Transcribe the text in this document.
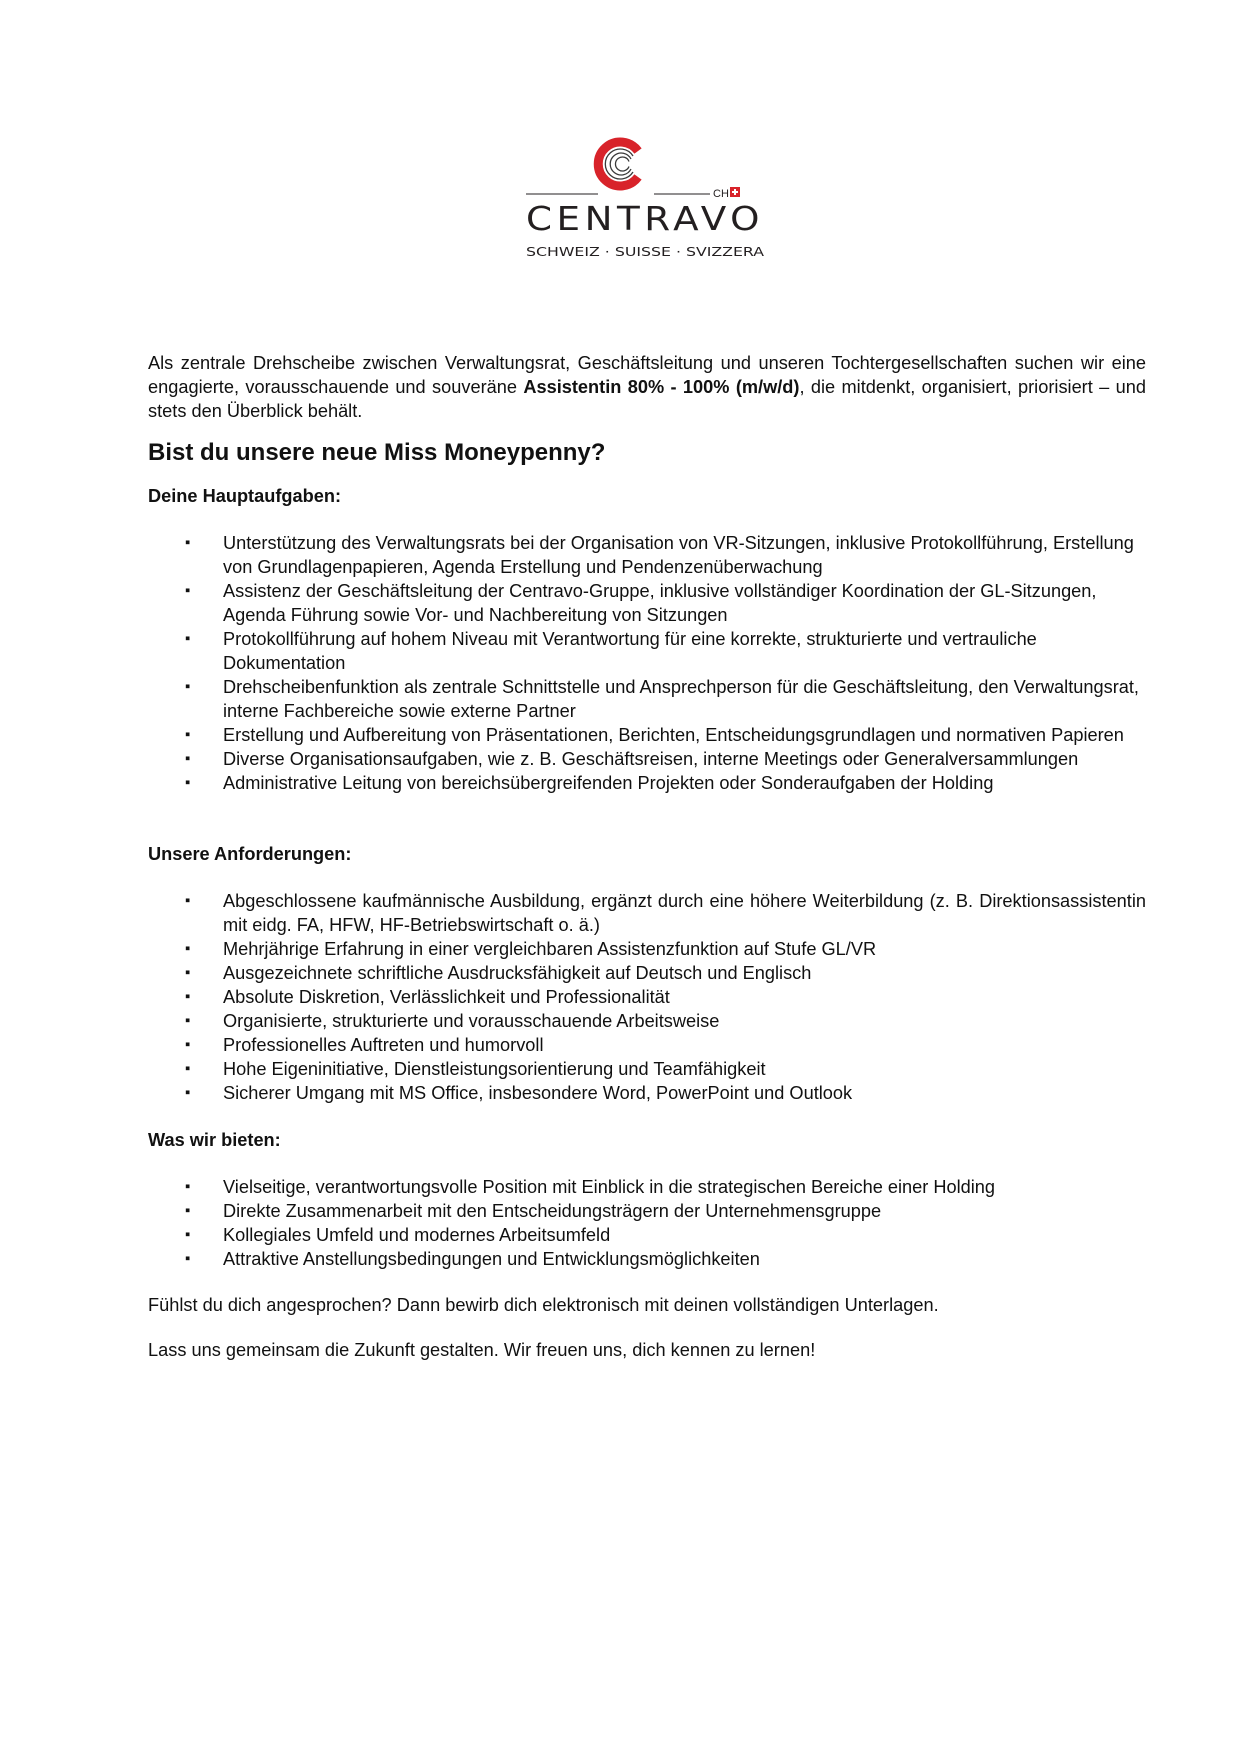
CH
CENTRAVO
SCHWEIZ · SUISSE · SVIZZERA

Als zentrale Drehscheibe zwischen Verwaltungsrat, Geschäftsleitung und unseren Tochtergesellschaften suchen wir eine engagierte, vorausschauende und souveräne Assistentin 80% - 100% (m/w/d), die mitdenkt, organisiert, priorisiert – und stets den Überblick behält.

Bist du unsere neue Miss Moneypenny?
Deine Hauptaufgaben:
▪ Unterstützung des Verwaltungsrats bei der Organisation von VR-Sitzungen, inklusive Protokollführung, Erstellung von Grundlagenpapieren, Agenda Erstellung und Pendenzenüberwachung
▪ Assistenz der Geschäftsleitung der Centravo-Gruppe, inklusive vollständiger Koordination der GL-Sitzungen, Agenda Führung sowie Vor- und Nachbereitung von Sitzungen
▪ Protokollführung auf hohem Niveau mit Verantwortung für eine korrekte, strukturierte und vertrauliche Dokumentation
▪ Drehscheibenfunktion als zentrale Schnittstelle und Ansprechperson für die Geschäftsleitung, den Verwaltungsrat, interne Fachbereiche sowie externe Partner
▪ Erstellung und Aufbereitung von Präsentationen, Berichten, Entscheidungsgrundlagen und normativen Papieren
▪ Diverse Organisationsaufgaben, wie z. B. Geschäftsreisen, interne Meetings oder Generalversammlungen
▪ Administrative Leitung von bereichsübergreifenden Projekten oder Sonderaufgaben der Holding
Unsere Anforderungen:
▪ Abgeschlossene kaufmännische Ausbildung, ergänzt durch eine höhere Weiterbildung (z. B. Direktionsassistentin mit eidg. FA, HFW, HF-Betriebswirtschaft o. ä.)
▪ Mehrjährige Erfahrung in einer vergleichbaren Assistenzfunktion auf Stufe GL/VR
▪ Ausgezeichnete schriftliche Ausdrucksfähigkeit auf Deutsch und Englisch
▪ Absolute Diskretion, Verlässlichkeit und Professionalität
▪ Organisierte, strukturierte und vorausschauende Arbeitsweise
▪ Professionelles Auftreten und humorvoll
▪ Hohe Eigeninitiative, Dienstleistungsorientierung und Teamfähigkeit
▪ Sicherer Umgang mit MS Office, insbesondere Word, PowerPoint und Outlook
Was wir bieten:
▪ Vielseitige, verantwortungsvolle Position mit Einblick in die strategischen Bereiche einer Holding
▪ Direkte Zusammenarbeit mit den Entscheidungsträgern der Unternehmensgruppe
▪ Kollegiales Umfeld und modernes Arbeitsumfeld
▪ Attraktive Anstellungsbedingungen und Entwicklungsmöglichkeiten

Fühlst du dich angesprochen? Dann bewirb dich elektronisch mit deinen vollständigen Unterlagen.

Lass uns gemeinsam die Zukunft gestalten. Wir freuen uns, dich kennen zu lernen!
